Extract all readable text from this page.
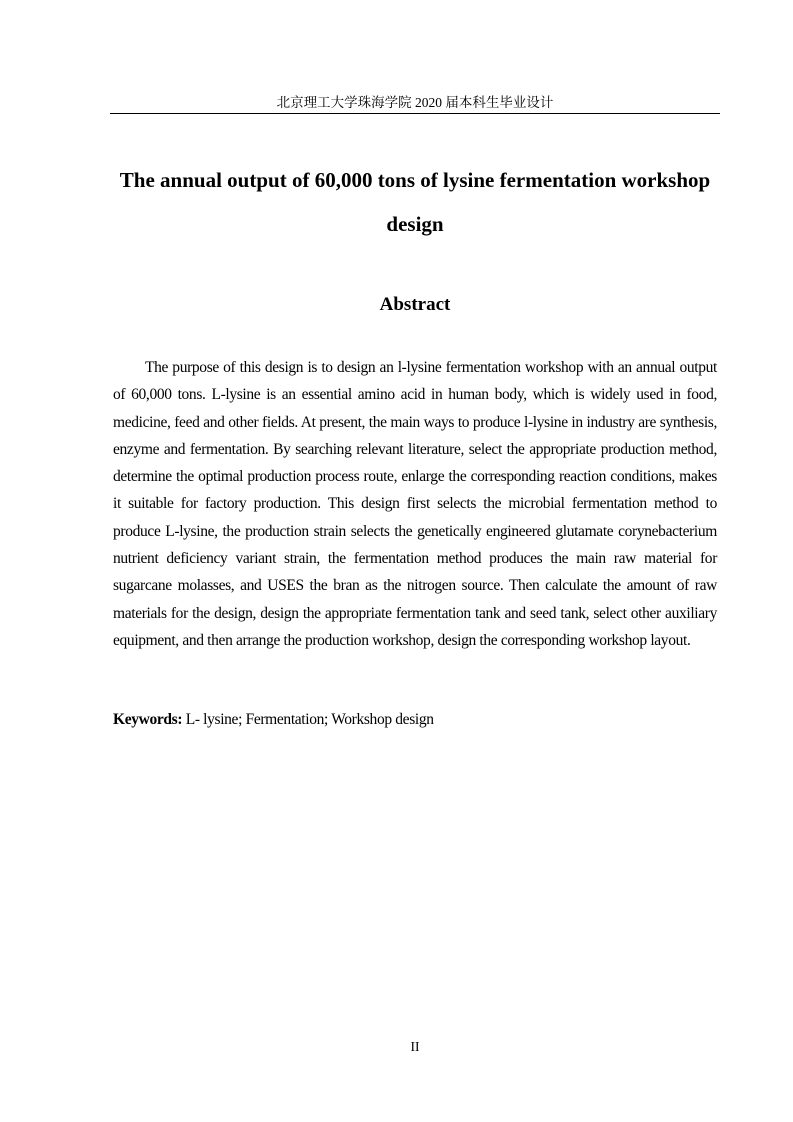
北京理工大学珠海学院 2020 届本科生毕业设计
The annual output of 60,000 tons of lysine fermentation workshop design
Abstract

The purpose of this design is to design an l-lysine fermentation workshop with an annual output of 60,000 tons. L-lysine is an essential amino acid in human body, which is widely used in food, medicine, feed and other fields. At present, the main ways to produce l-lysine in industry are synthesis, enzyme and fermentation. By searching relevant literature, select the appropriate production method, determine the optimal production process route, enlarge the corresponding reaction conditions, makes it suitable for factory production. This design first selects the microbial fermentation method to produce L-lysine, the production strain selects the genetically engineered glutamate corynebacterium nutrient deficiency variant strain, the fermentation method produces the main raw material for sugarcane molasses, and USES the bran as the nitrogen source. Then calculate the amount of raw materials for the design, design the appropriate fermentation tank and seed tank, select other auxiliary equipment, and then arrange the production workshop, design the corresponding workshop layout.

Keywords: L- lysine; Fermentation; Workshop design

II
